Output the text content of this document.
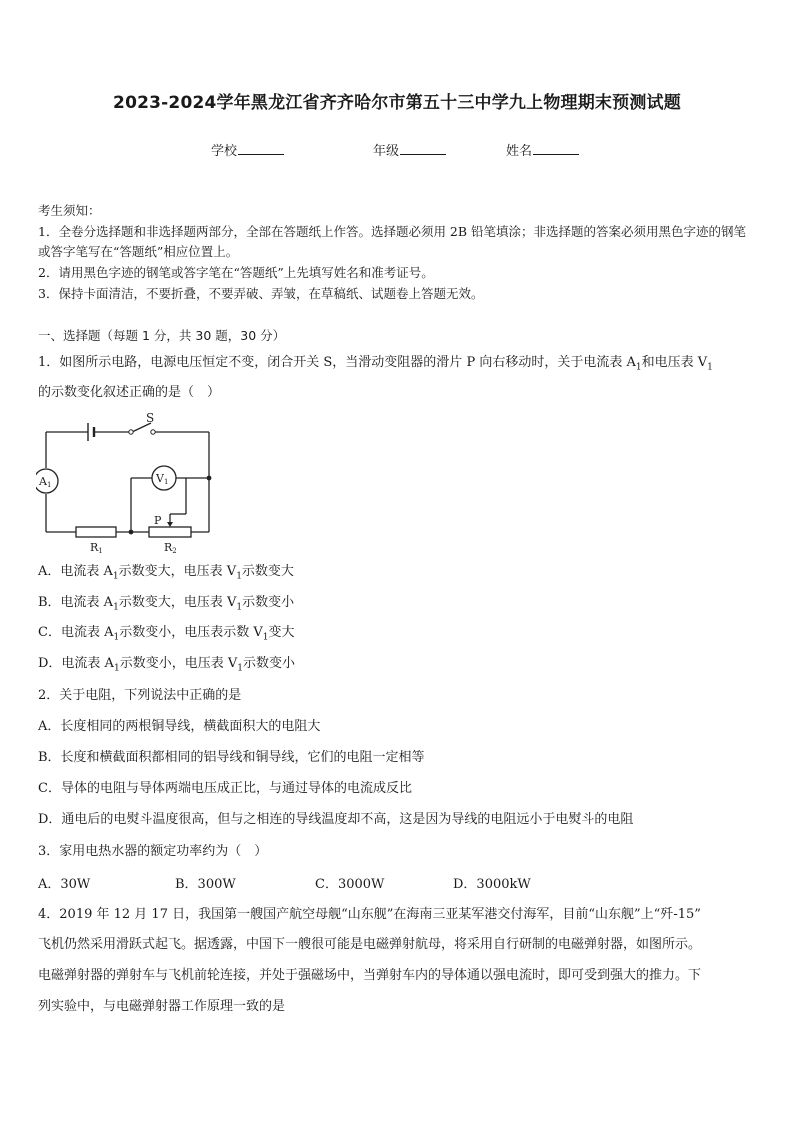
2023-2024学年黑龙江省齐齐哈尔市第五十三中学九上物理期末预测试题
学校	年级	姓名
考生须知：
1．全卷分选择题和非选择题两部分，全部在答题纸上作答。选择题必须用 2B 铅笔填涂；非选择题的答案必须用黑色字迹的钢笔或答字笔写在“答题纸”相应位置上。
2．请用黑色字迹的钢笔或答字笔在“答题纸”上先填写姓名和准考证号。
3．保持卡面清洁，不要折叠，不要弄破、弄皱，在草稿纸、试题卷上答题无效。
一、选择题（每题 1 分，共 30 题，30 分）
1．如图所示电路，电源电压恒定不变，闭合开关 S，当滑动变阻器的滑片 P 向右移动时，关于电流表 $A_1$和电压表 $V_1$
的示数变化叙述正确的是（　）
S
A1	V1
P
R1	R2
A．电流表 $A_1$示数变大，电压表 $V_1$示数变大
B．电流表 $A_1$示数变大，电压表 $V_1$示数变小
C．电流表 $A_1$示数变小，电压表示数 $V_1$变大
D．电流表 $A_1$示数变小，电压表 $V_1$示数变小
2．关于电阻，下列说法中正确的是
A．长度相同的两根铜导线，横截面积大的电阻大
B．长度和横截面积都相同的铝导线和铜导线，它们的电阻一定相等
C．导体的电阻与导体两端电压成正比，与通过导体的电流成反比
D．通电后的电熨斗温度很高，但与之相连的导线温度却不高，这是因为导线的电阻远小于电熨斗的电阻
3．家用电热水器的额定功率约为（　）
A．30W	B．300W	C．3000W	D．3000kW
4．2019 年 12 月 17 日，我国第一艘国产航空母舰“山东舰”在海南三亚某军港交付海军，目前“山东舰”上“歼-15”
飞机仍然采用滑跃式起飞。据透露，中国下一艘很可能是电磁弹射航母，将采用自行研制的电磁弹射器，如图所示。
电磁弹射器的弹射车与飞机前轮连接，并处于强磁场中，当弹射车内的导体通以强电流时，即可受到强大的推力。下
列实验中，与电磁弹射器工作原理一致的是
